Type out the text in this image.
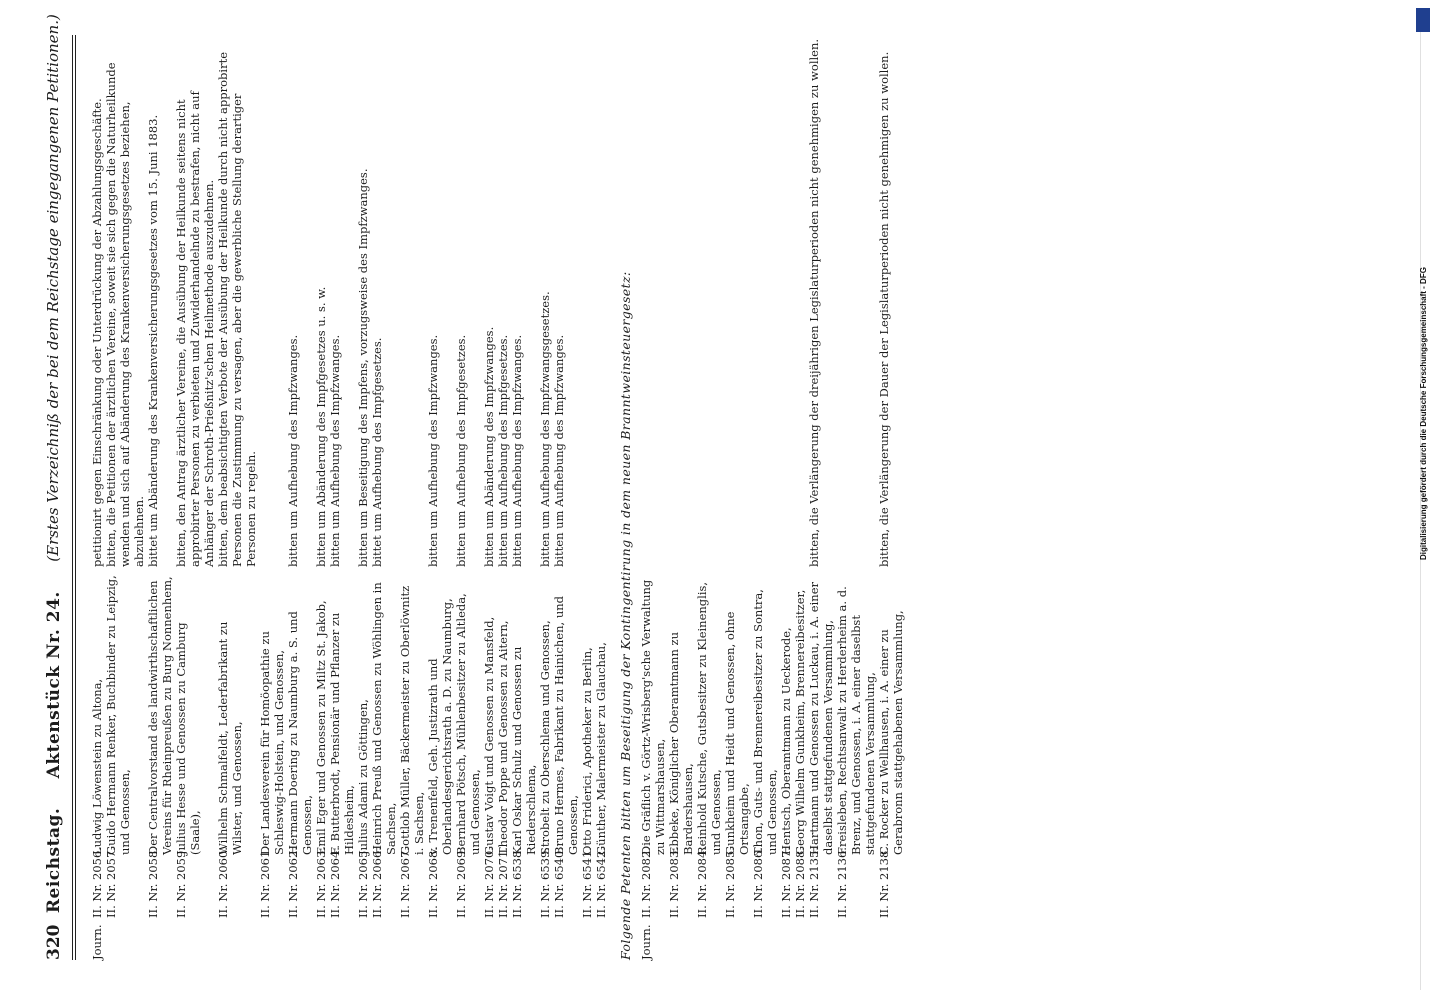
320 Reichstag. Aktenstück Nr. 24. (Erstes Verzeichniß der bei dem Reichstage eingegangenen Petitionen.)
Journ.II. Nr. 2056.
Ludwig Löwenstein zu Altona,
petitionirt gegen Einschränkung oder Unterdrückung der Abzahlungsgeschäfte.
II. Nr. 2057.
Guido Hermann Renker, Buchbinder zu Leipzig, und Genossen,
bitten, die Petitionen der ärztlichen Vereine, soweit sie sich gegen die Naturheilkunde wenden und sich auf Abänderung des Krankenversicherungsgesetzes beziehen, abzulehnen.
II. Nr. 2058.
Der Centralvorstand des landwirthschaftlichen Vereins für Rheinpreußen zu Burg Nonnenhem,
bittet um Abänderung des Krankenversicherungsgesetzes vom 15. Juni 1883.
II. Nr. 2059.
Julius Hesse und Genossen zu Camburg (Saale),
bitten, den Antrag ärztlicher Vereine, die Ausübung der Heilkunde seitens nicht approbirter Personen zu verbieten und Zuwiderhandelnde zu bestrafen, nicht auf Anhänger der Schroth-Prießnitz'schen Heilmethode auszudehnen.
II. Nr. 2060.
Wilhelm Schmalfeldt, Lederfabrikant zu Wilster, und Genossen,
bitten, dem beabsichtigten Verbote der Ausübung der Heilkunde durch nicht approbirte Personen die Zustimmung zu versagen, aber die gewerbliche Stellung derartiger Personen zu regeln.
II. Nr. 2061.
Der Landesverein für Homöopathie zu Schleswig-Holstein, und Genossen,
II. Nr. 2062.
Hermann Doering zu Naumburg a. S. und Genossen,
bitten um Aufhebung des Impfzwanges.
II. Nr. 2063.
Emil Eger und Genossen zu Miltz St. Jakob,
bitten um Abänderung des Impfgesetzes u. s. w.
II. Nr. 2064.
F. Butterbrodt, Pensionär und Pflanzer zu Hildesheim,
bitten um Aufhebung des Impfzwanges.
II. Nr. 2065.
Julius Adami zu Göttingen,
bitten um Beseitigung des Impfens, vorzugsweise des Impfzwanges.
II. Nr. 2066.
Heinrich Preuß und Genossen zu Wöhlingen in Sachsen,
bittet um Aufhebung des Impfgesetzes.
II. Nr. 2067.
Gottlob Müller, Bäckermeister zu Oberlöwnitz i. Sachsen,
II. Nr. 2068.
v. Trenenfeld, Geh. Justizrath und Oberlandesgerichtsrath a. D. zu Naumburg,
bitten um Aufhebung des Impfzwanges.
II. Nr. 2069.
Bernhard Pötsch, Mühlenbesitzer zu Altleda, und Genossen,
bitten um Aufhebung des Impfgesetzes.
II. Nr. 2070.
Gustav Voigt und Genossen zu Mansfeld,
bitten um Abänderung des Impfzwanges.
II. Nr. 2071.
Theodor Poppe und Genossen zu Aitern,
bitten um Aufhebung des Impfgesetzes.
II. Nr. 6538.
Karl Oskar Schulz und Genossen zu Riederschlema,
bitten um Aufhebung des Impfzwanges.
II. Nr. 6539.
Strobelt zu Oberschlema und Genossen,
bitten um Aufhebung des Impfzwangsgesetzes.
II. Nr. 6540.
Bruno Hermes, Fabrikant zu Hainichen, und Genossen,
bitten um Aufhebung des Impfzwanges.
II. Nr. 6541.
Otto Friderici, Apotheker zu Berlin,
II. Nr. 6542.
Günther, Malermeister zu Glauchau, Folgende Petenten bitten um Beseitigung der Kontingentirung in dem neuen Branntweinsteuergesetz: Journ.II. Nr. 2082.
Die Gräflich v. Görtz-Wrisberg'sche Verwaltung zu Wittmarshausen,
II. Nr. 2083.
Ebbeke, Königlicher Oberamtmann zu Bardershausen,
II. Nr. 2084.
Reinhold Kutsche, Gutsbesitzer zu Kleinenglis, und Genossen,
II. Nr. 2085.
Gunkheim und Heidt und Genossen, ohne Ortsangabe,
II. Nr. 2086.
Thon, Guts- und Brennereibesitzer zu Sontra, und Genossen,
II. Nr. 2087.
Hentsch, Oberamtmann zu Ueckerode,
II. Nr. 2088.
Georg Wilhelm Gunkheim, Brennereibesitzer,
II. Nr. 2135.
Hartmann und Genossen zu Luckau, i. A. einer daselbst stattgefundenen Versammlung,
bitten, die Verlängerung der dreijährigen Legislaturperioden nicht genehmigen zu wollen.
II. Nr. 2136.
Freisleben, Rechtsanwalt zu Herderheim a. d. Brenz, und Genossen, i. A. einer daselbst stattgefundenen Versammlung,
II. Nr. 2138.
C. Rocker zu Wellhausen, i. A. einer zu Gerabronn stattgehabenen Versammlung,
bitten, die Verlängerung der Dauer der Legislaturperioden nicht genehmigen zu wollen.	Digitalisierung gefördert durch die Deutsche Forschungsgemeinschaft - DFG
